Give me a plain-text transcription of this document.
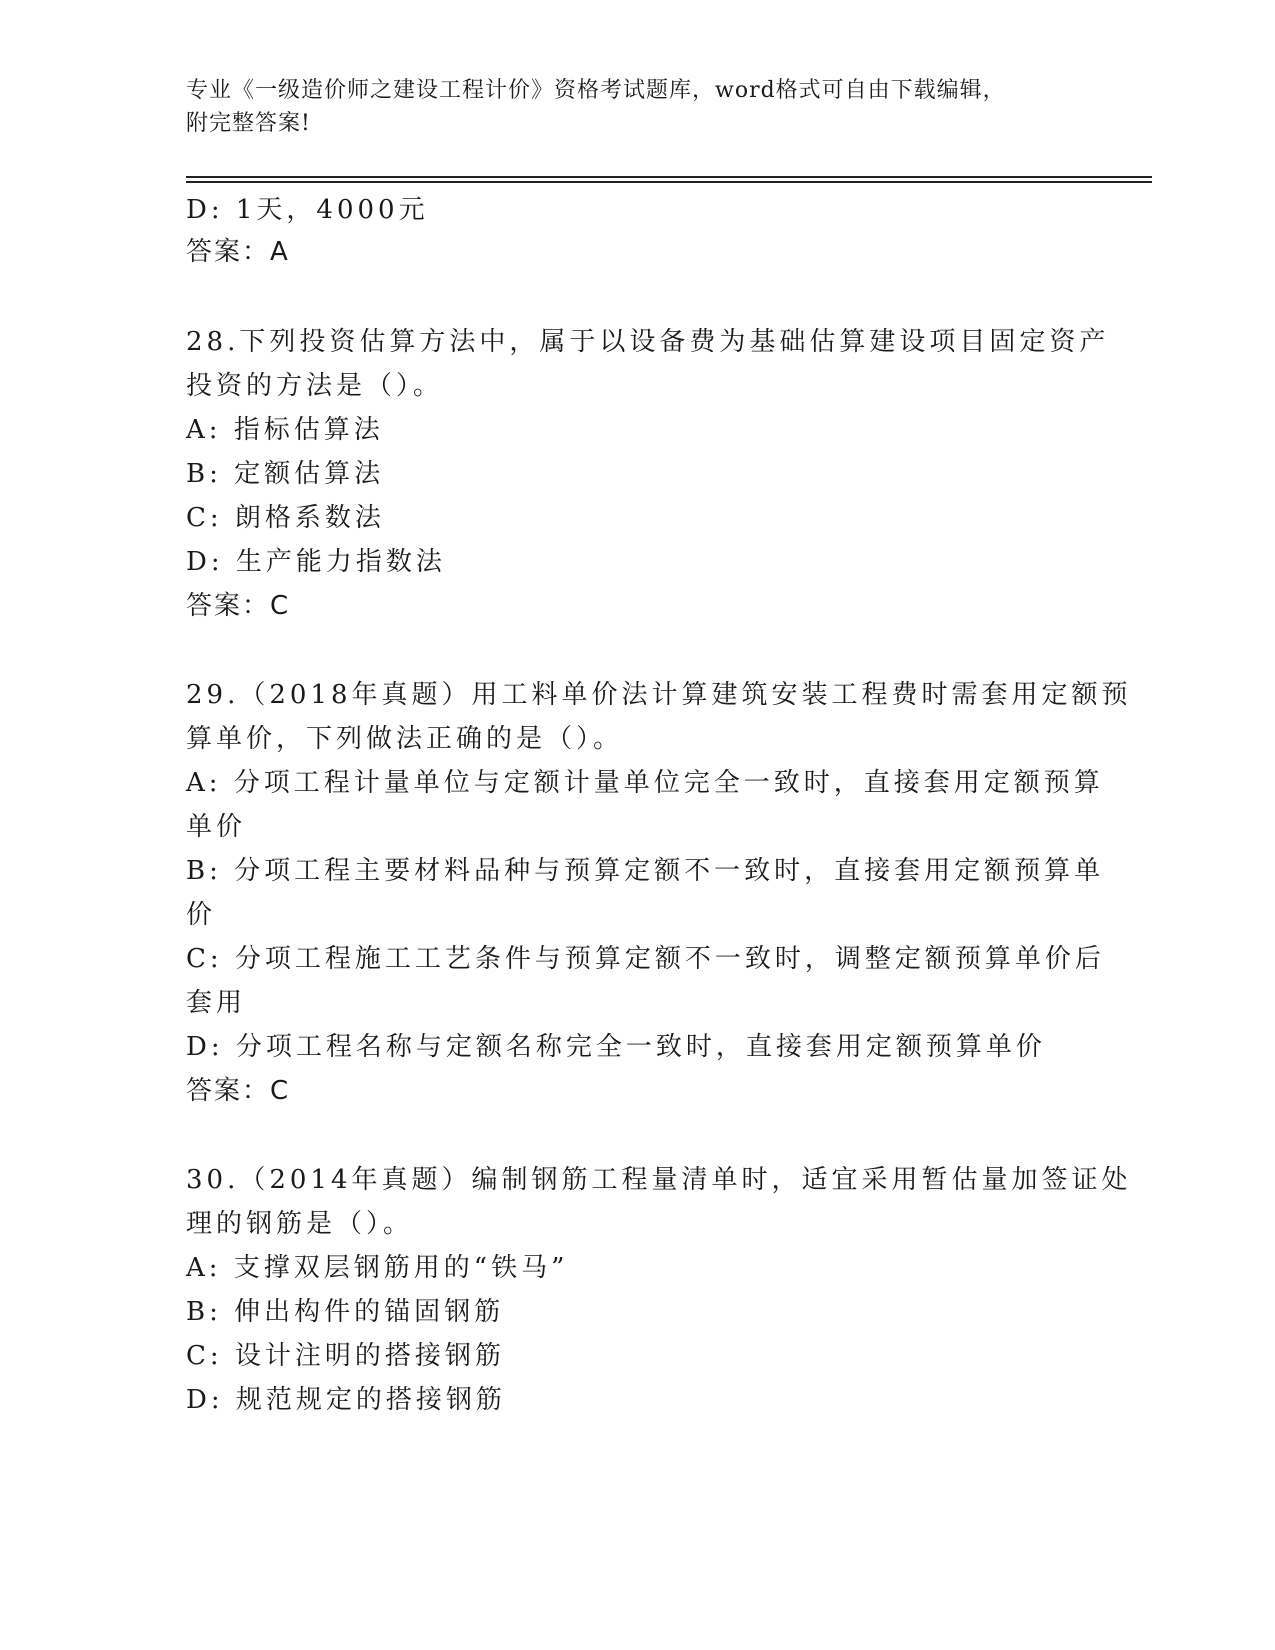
专业《一级造价师之建设工程计价》资格考试题库，word格式可自由下载编辑，
附完整答案!
D: 1天，4000元
答案：A
28.下列投资估算方法中，属于以设备费为基础估算建设项目固定资产
投资的方法是（）。
A: 指标估算法
B: 定额估算法
C: 朗格系数法
D: 生产能力指数法
答案：C
29.（2018年真题）用工料单价法计算建筑安装工程费时需套用定额预
算单价，下列做法正确的是（）。
A: 分项工程计量单位与定额计量单位完全一致时，直接套用定额预算
单价
B: 分项工程主要材料品种与预算定额不一致时，直接套用定额预算单
价
C: 分项工程施工工艺条件与预算定额不一致时，调整定额预算单价后
套用
D: 分项工程名称与定额名称完全一致时，直接套用定额预算单价
答案：C
30.（2014年真题）编制钢筋工程量清单时，适宜采用暂估量加签证处
理的钢筋是（）。
A: 支撑双层钢筋用的“铁马”
B: 伸出构件的锚固钢筋
C: 设计注明的搭接钢筋
D: 规范规定的搭接钢筋
